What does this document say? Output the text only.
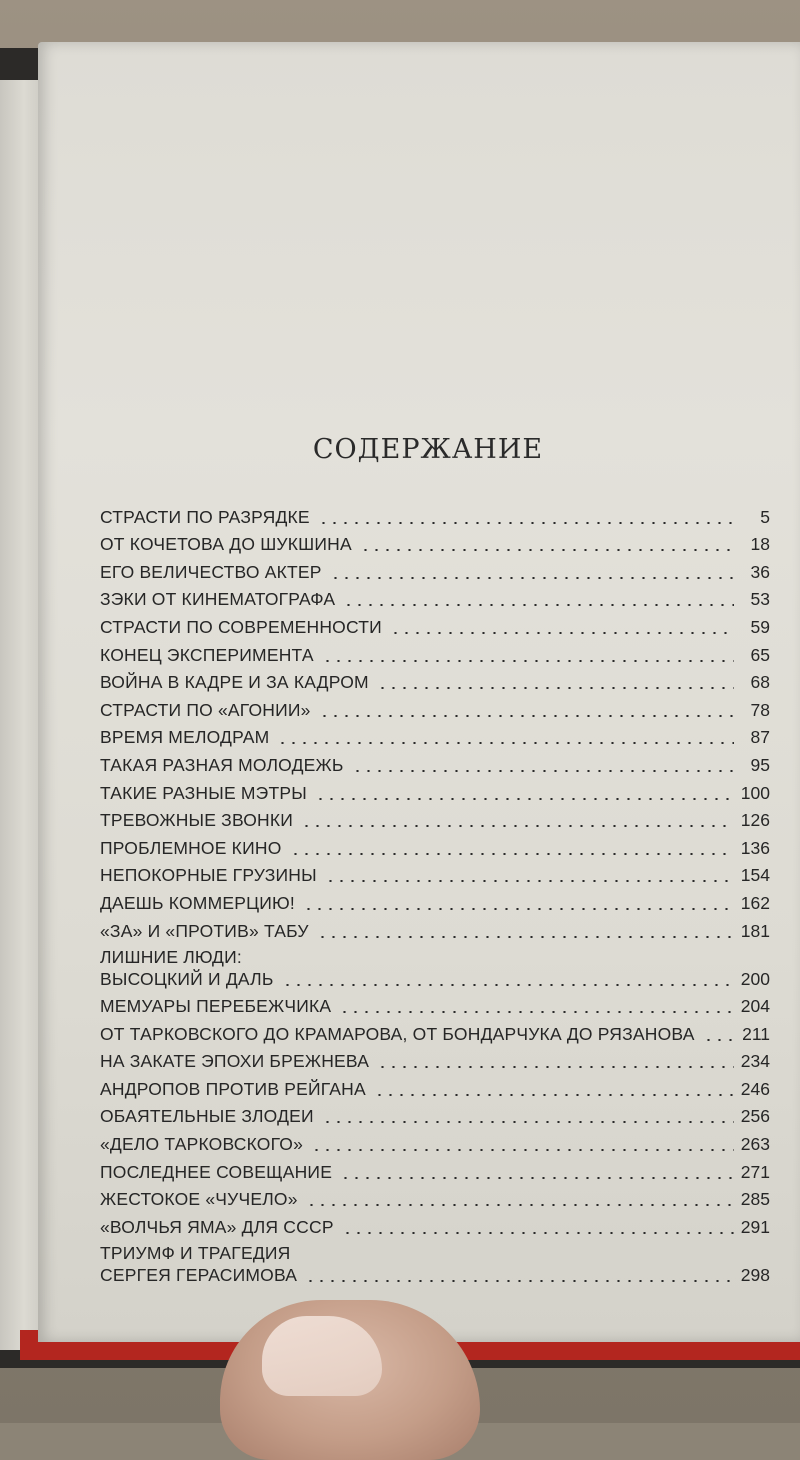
СОДЕРЖАНИЕ
СТРАСТИ ПО РАЗРЯДКЕ	5
ОТ КОЧЕТОВА ДО ШУКШИНА	18
ЕГО ВЕЛИЧЕСТВО АКТЕР	36
ЗЭКИ ОТ КИНЕМАТОГРАФА	53
СТРАСТИ ПО СОВРЕМЕННОСТИ	59
КОНЕЦ ЭКСПЕРИМЕНТА	65
ВОЙНА В КАДРЕ И ЗА КАДРОМ	68
СТРАСТИ ПО «АГОНИИ»	78
ВРЕМЯ МЕЛОДРАМ	87
ТАКАЯ РАЗНАЯ МОЛОДЕЖЬ	95
ТАКИЕ РАЗНЫЕ МЭТРЫ	100
ТРЕВОЖНЫЕ ЗВОНКИ	126
ПРОБЛЕМНОЕ КИНО	136
НЕПОКОРНЫЕ ГРУЗИНЫ	154
ДАЕШЬ КОММЕРЦИЮ!	162
«ЗА» И «ПРОТИВ» ТАБУ	181
ЛИШНИЕ ЛЮДИ:
ВЫСОЦКИЙ И ДАЛЬ	200
МЕМУАРЫ ПЕРЕБЕЖЧИКА	204
ОТ ТАРКОВСКОГО ДО КРАМАРОВА, ОТ БОНДАРЧУКА ДО РЯЗАНОВА	211
НА ЗАКАТЕ ЭПОХИ БРЕЖНЕВА	234
АНДРОПОВ ПРОТИВ РЕЙГАНА	246
ОБАЯТЕЛЬНЫЕ ЗЛОДЕИ	256
«ДЕЛО ТАРКОВСКОГО»	263
ПОСЛЕДНЕЕ СОВЕЩАНИЕ	271
ЖЕСТОКОЕ «ЧУЧЕЛО»	285
«ВОЛЧЬЯ ЯМА» ДЛЯ СССР	291
ТРИУМФ И ТРАГЕДИЯ
СЕРГЕЯ ГЕРАСИМОВА	298
